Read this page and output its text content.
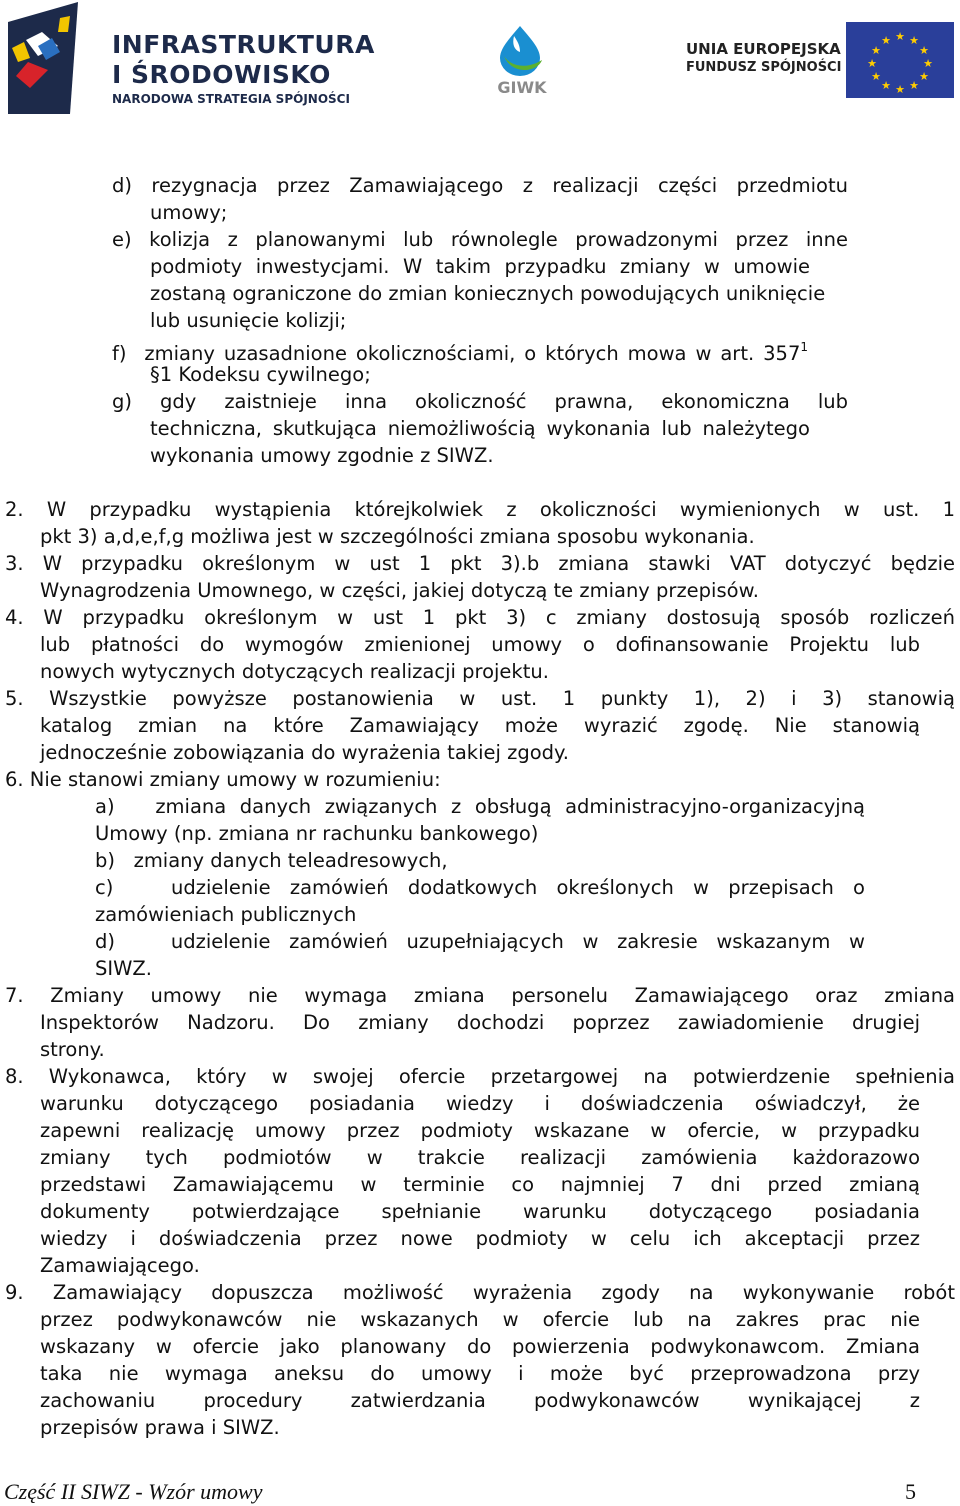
INFRASTRUKTURA
I ŚRODOWISKO
NARODOWA STRATEGIA SPÓJNOŚCI
GIWK
UNIA EUROPEJSKA
FUNDUSZ SPÓJNOŚCI
★ ★
★
★
★
★
★
★
★
★
★
★
d) rezygnacja przez Zamawiającego z realizacji części przedmiotu
umowy;
e) kolizja z planowanymi lub równolegle prowadzonymi przez inne
podmioty inwestycjami. W takim przypadku zmiany w umowie
zostaną ograniczone do zmian koniecznych powodujących uniknięcie
lub usunięcie kolizji;
f)  zmiany uzasadnione okolicznościami, o których mowa w art. $357^1$
§1 Kodeksu cywilnego;
g) gdy zaistnieje inna okoliczność prawna, ekonomiczna lub
techniczna, skutkująca niemożliwością wykonania lub należytego
wykonania umowy zgodnie z SIWZ.
2. W przypadku wystąpienia którejkolwiek z okoliczności wymienionych w ust. 1
pkt 3) a,d,e,f,g możliwa jest w szczególności zmiana sposobu wykonania.
3. W przypadku określonym w ust 1 pkt 3).b zmiana stawki VAT dotyczyć będzie
Wynagrodzenia Umownego, w części, jakiej dotyczą te zmiany przepisów.
4. W przypadku określonym w ust 1 pkt 3) c zmiany dostosują sposób rozliczeń
lub płatności do wymogów zmienionej umowy o dofinansowanie Projektu lub
nowych wytycznych dotyczących realizacji projektu.
5. Wszystkie powyższe postanowienia w ust. 1 punkty 1), 2) i 3) stanowią
katalog zmian na które Zamawiający może wyrazić zgodę. Nie stanowią
jednocześnie zobowiązania do wyrażenia takiej zgody.
6. Nie stanowi zmiany umowy w rozumieniu:
a)   zmiana danych związanych z obsługą administracyjno-organizacyjną
Umowy (np. zmiana nr rachunku bankowego)
b)   zmiany danych teleadresowych,
c)   udzielenie zamówień dodatkowych określonych w przepisach o
zamówieniach publicznych
d)   udzielenie zamówień uzupełniających w zakresie wskazanym w
SIWZ.
7. Zmiany umowy nie wymaga zmiana personelu Zamawiającego oraz zmiana
Inspektorów Nadzoru. Do zmiany dochodzi poprzez zawiadomienie drugiej
strony.
8. Wykonawca, który w swojej ofercie przetargowej na potwierdzenie spełnienia
warunku dotyczącego posiadania wiedzy i doświadczenia oświadczył, że
zapewni realizację umowy przez podmioty wskazane w ofercie, w przypadku
zmiany tych podmiotów w trakcie realizacji zamówienia każdorazowo
przedstawi Zamawiającemu w terminie co najmniej 7 dni przed zmianą
dokumenty potwierdzające spełnianie warunku dotyczącego posiadania
wiedzy i doświadczenia przez nowe podmioty w celu ich akceptacji przez
Zamawiającego.
9. Zamawiający dopuszcza możliwość wyrażenia zgody na wykonywanie robót
przez podwykonawców nie wskazanych w ofercie lub na zakres prac nie
wskazany w ofercie jako planowany do powierzenia podwykonawcom. Zmiana
taka nie wymaga aneksu do umowy i może być przeprowadzona przy
zachowaniu procedury zatwierdzania podwykonawców wynikającej z
przepisów prawa i SIWZ.
Część II SIWZ - Wzór umowy	5
